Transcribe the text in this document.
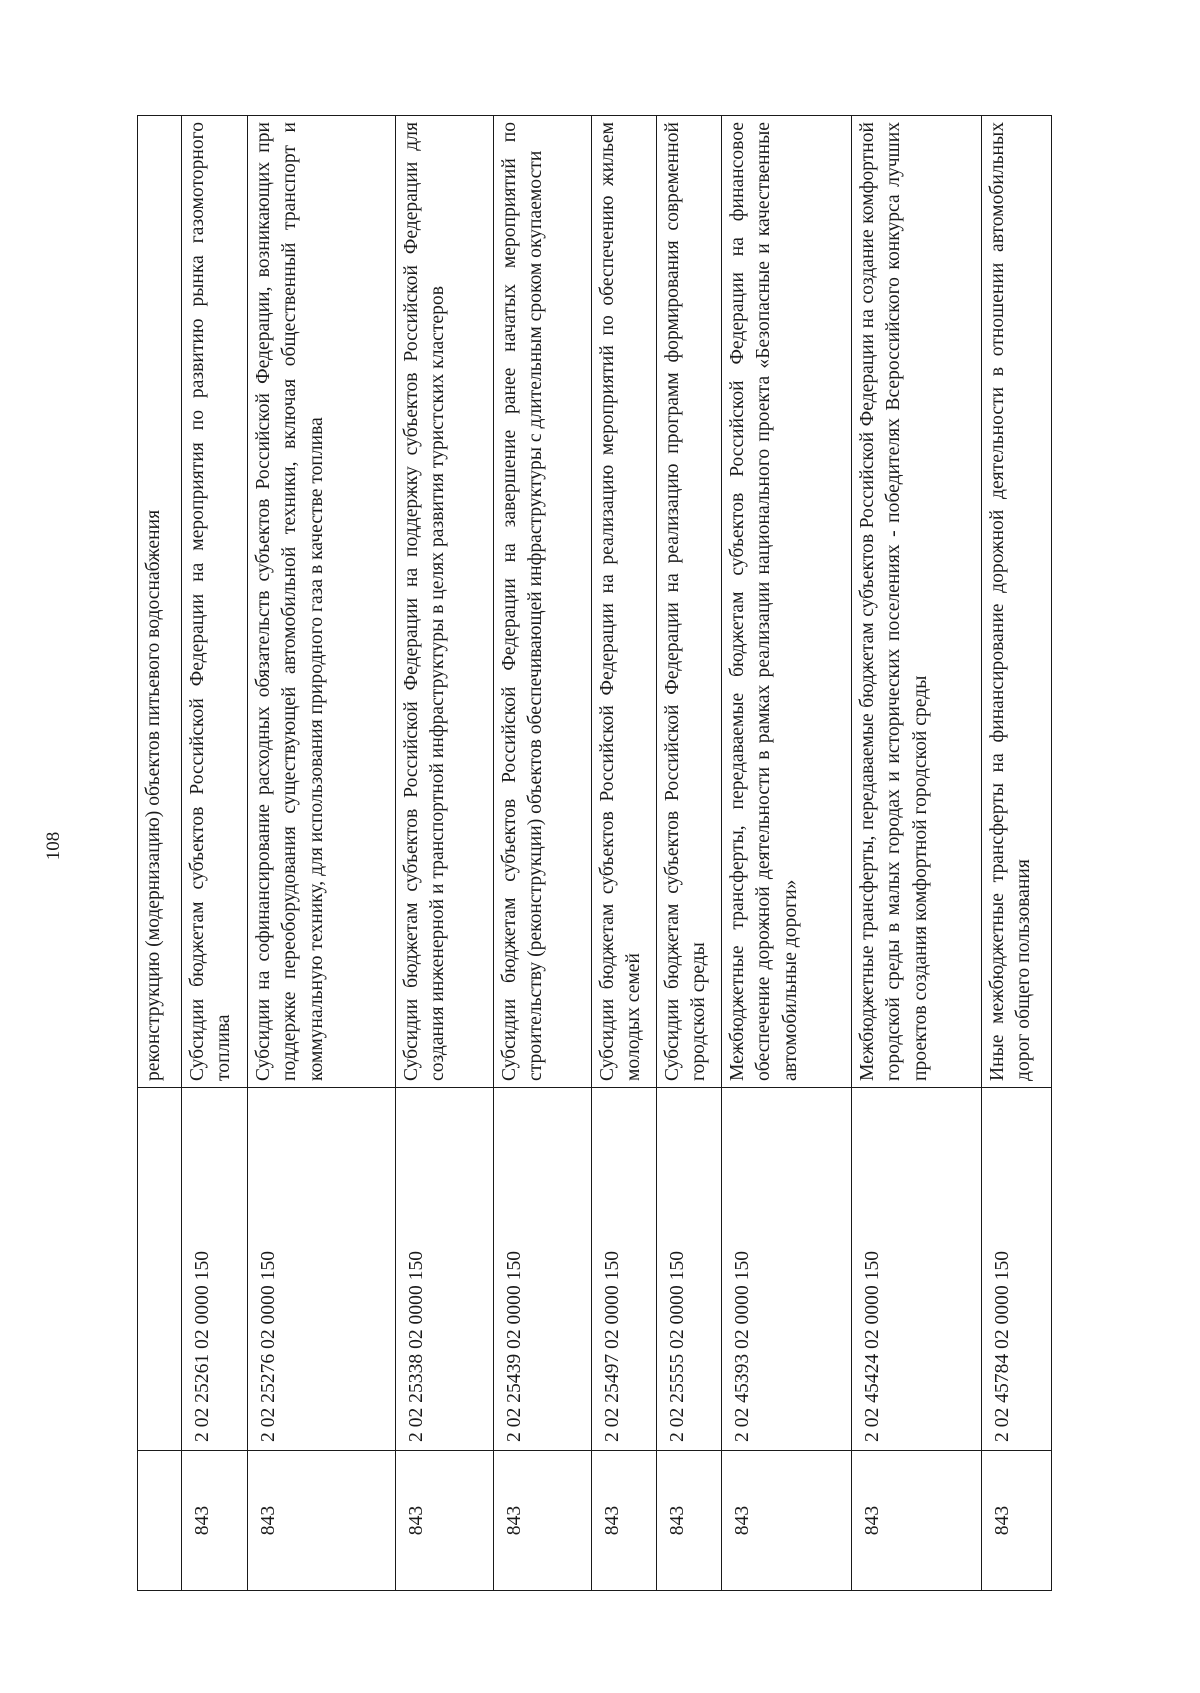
108
			реконструкцию (модернизацию) объектов питьевого водоснабжения
843	2 02 25261 02 0000 150	Субсидии бюджетам субъектов Российской Федерации на мероприятия по развитию рынка газомоторного топлива
843	2 02 25276 02 0000 150	Субсидии на софинансирование расходных обязательств субъектов Российской Федерации, возникающих при поддержке переоборудования существующей автомобильной техники, включая общественный транспорт и коммунальную технику, для использования природного газа в качестве топлива
843	2 02 25338 02 0000 150	Субсидии бюджетам субъектов Российской Федерации на поддержку субъектов Российской Федерации для создания инженерной и транспортной инфраструктуры в целях развития туристских кластеров
843	2 02 25439 02 0000 150	Субсидии бюджетам субъектов Российской Федерации на завершение ранее начатых мероприятий по строительству (реконструкции) объектов обеспечивающей инфраструктуры с длительным сроком окупаемости
843	2 02 25497 02 0000 150	Субсидии бюджетам субъектов Российской Федерации на реализацию мероприятий по обеспечению жильем молодых семей
843	2 02 25555 02 0000 150	Субсидии бюджетам субъектов Российской Федерации на реализацию программ формирования современной городской среды
843	2 02 45393 02 0000 150	Межбюджетные трансферты, передаваемые бюджетам субъектов Российской Федерации на финансовое обеспечение дорожной деятельности в рамках реализации национального проекта «Безопасные и качественные автомобильные дороги»
843	2 02 45424 02 0000 150	Межбюджетные трансферты, передаваемые бюджетам субъектов Российской Федерации на создание комфортной городской среды в малых городах и исторических поселениях - победителях Всероссийского конкурса лучших проектов создания комфортной городской среды
843	2 02 45784 02 0000 150	Иные межбюджетные трансферты на финансирование дорожной деятельности в отношении автомобильных дорог общего пользования
